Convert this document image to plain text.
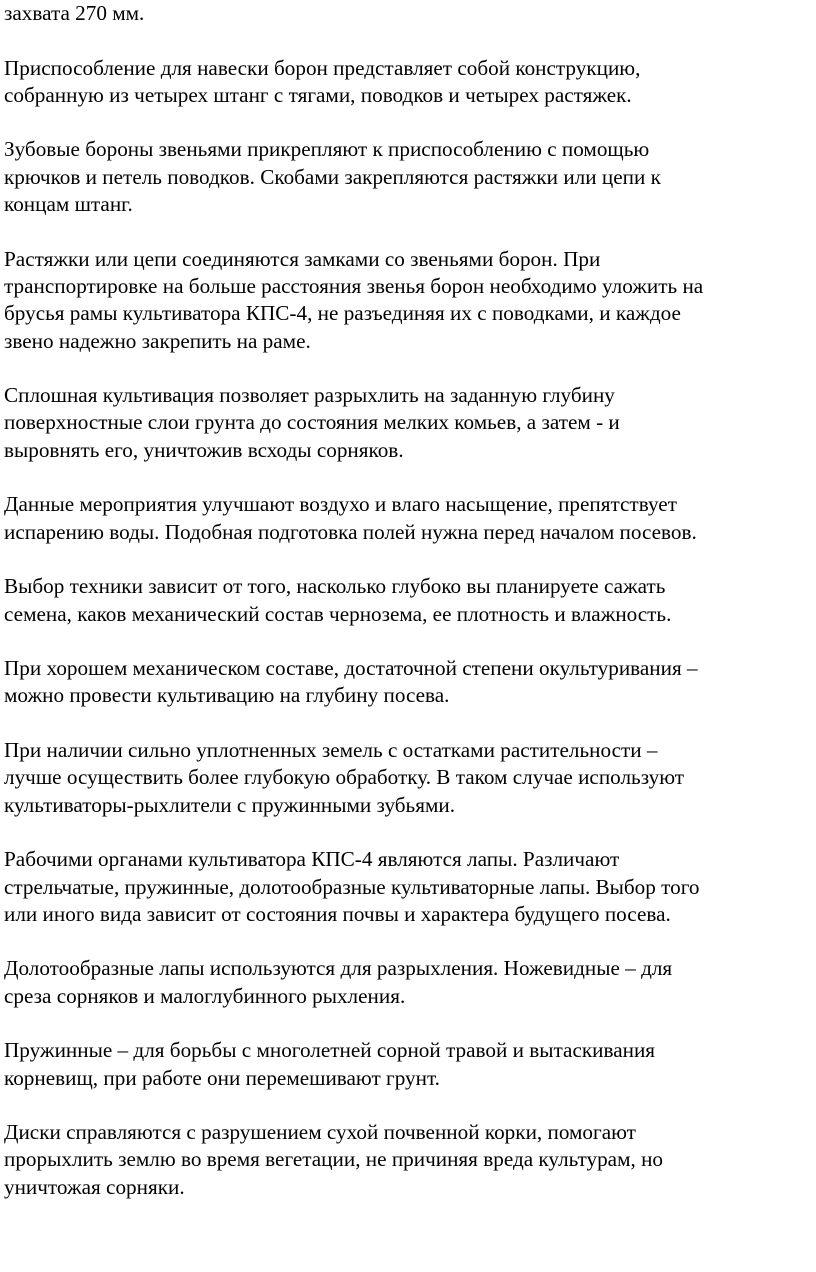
захвата 270 мм.

Приспособление для навески борон представляет собой конструкцию,
собранную из четырех штанг с тягами, поводков и четырех растяжек.

Зубовые бороны звеньями прикрепляют к приспособлению с помощью
крючков и петель поводков. Скобами закрепляются растяжки или цепи к
концам штанг.

Растяжки или цепи соединяются замками со звеньями борон. При
транспортировке на больше расстояния звенья борон необходимо уложить на
брусья рамы культиватора КПС-4, не разъединяя их с поводками, и каждое
звено надежно закрепить на раме.

Сплошная культивация позволяет разрыхлить на заданную глубину
поверхностные слои грунта до состояния мелких комьев, а затем - и
выровнять его, уничтожив всходы сорняков.

Данные мероприятия улучшают воздухо и влаго насыщение, препятствует
испарению воды. Подобная подготовка полей нужна перед началом посевов.

Выбор техники зависит от того, насколько глубоко вы планируете сажать
семена, каков механический состав чернозема, ее плотность и влажность.

При хорошем механическом составе, достаточной степени окультуривания –
можно провести культивацию на глубину посева.

При наличии сильно уплотненных земель с остатками растительности –
лучше осуществить более глубокую обработку. В таком случае используют
культиваторы-рыхлители с пружинными зубьями.

Рабочими органами культиватора КПС-4 являются лапы. Различают
стрельчатые, пружинные, долотообразные культиваторные лапы. Выбор того
или иного вида зависит от состояния почвы и характера будущего посева.

Долотообразные лапы используются для разрыхления. Ножевидные – для
среза сорняков и малоглубинного рыхления.

Пружинные – для борьбы с многолетней сорной травой и вытаскивания
корневищ, при работе они перемешивают грунт.

Диски справляются с разрушением сухой почвенной корки, помогают
прорыхлить землю во время вегетации, не причиняя вреда культурам, но
уничтожая сорняки.
